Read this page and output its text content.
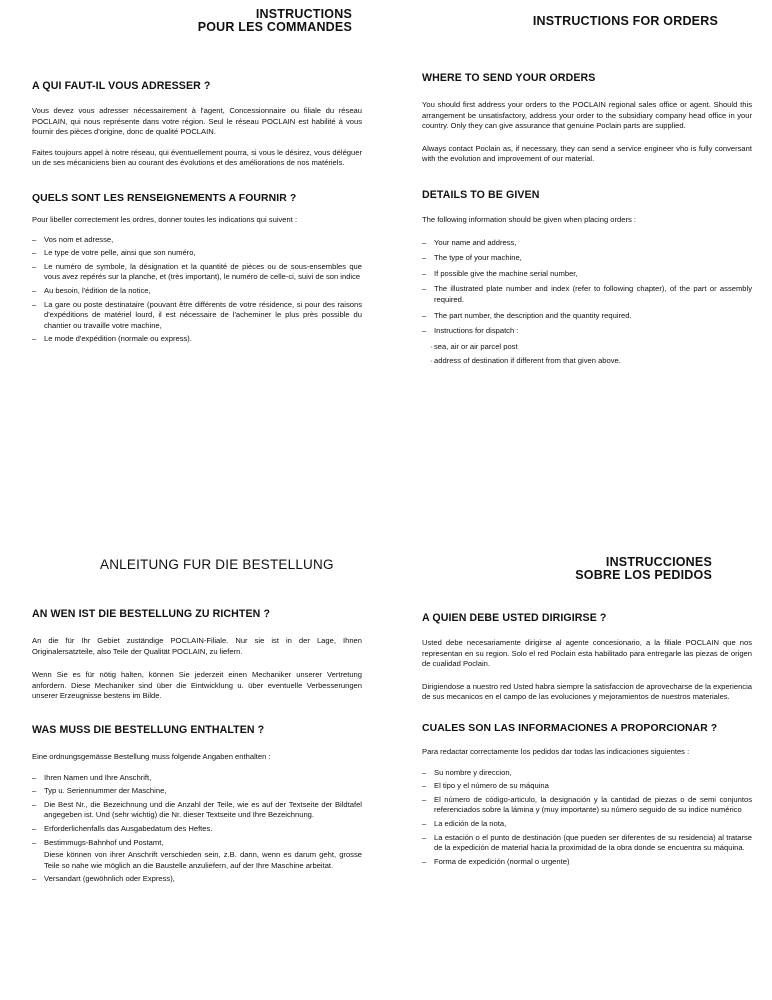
INSTRUCTIONS
POUR LES COMMANDES
A QUI FAUT-IL VOUS ADRESSER ?

Vous devez vous adresser nécessairement à l'agent, Concessionnaire ou filiale du réseau POCLAIN, qui nous représente dans votre région. Seul le réseau POCLAIN est habilité à vous fournir des pièces d'origine, donc de qualité POCLAIN.

Faites toujours appel à notre réseau, qui éventuellement pourra, si vous le désirez, vous déléguer un de ses mécaniciens bien au courant des évolutions et des améliorations de nos matériels.

QUELS SONT LES RENSEIGNEMENTS A FOURNIR ?

Pour libeller correctement les ordres, donner toutes les indications qui suivent :

– Vos nom et adresse,
– Le type de votre pelle, ainsi que son numéro,
– Le numéro de symbole, la désignation et la quantité de pièces ou de sous-ensembles que vous avez repérés sur la planche, et (très important), le numéro de celle-ci, suivi de son indice
– Au besoin, l'édition de la notice,
– La gare ou poste destinataire (pouvant être différents de votre résidence, si pour des raisons d'expéditions de matériel lourd, il est nécessaire de l'acheminer le plus près possible du chantier ou travaille votre machine,
– Le mode d'expédition (normale ou express).
INSTRUCTIONS FOR ORDERS
WHERE TO SEND YOUR ORDERS

You should first address your orders to the POCLAIN regional sales office or agent. Should this arrangement be unsatisfactory, address your order to the subsidiary company head office in your country. Only they can give assurance that genuine Poclain parts are supplied.

Always contact Poclain as, if necessary, they can send a service engineer vho is fully conversant with the evolution and improvement of our material.

DETAILS TO BE GIVEN

The following information should be given when placing orders :

– Your name and address,
– The type of your machine,
– If possible give the machine serial number,
– The illustrated plate number and index (refer to following chapter), of the part or assembly required.
– The part number, the description and the quantity required.
– Instructions for dispatch :
· sea, air or air parcel post
· address of destination if different from that given above.
ANLEITUNG FUR DIE BESTELLUNG
AN WEN IST DIE BESTELLUNG ZU RICHTEN ?

An die für Ihr Gebiet zuständige POCLAIN-Filiale. Nur sie ist in der Lage, Ihnen Originalersatzteile, also Teile der Qualität POCLAIN, zu liefern.

Wenn Sie es für nötig halten, können Sie jederzeit einen Mechaniker unserer Vertretung anfordern. Diese Mechaniker sind über die Eintwicklung u. über eventuelle Verbesserungen unserer Erzeugnisse bestens im Bilde.

WAS MUSS DIE BESTELLUNG ENTHALTEN ?

Eine ordnungsgemässe Bestellung muss folgende Angaben enthalten :

– Ihren Namen und Ihre Anschrift,
– Typ u. Seriennummer der Maschine,
– Die Best Nr., die Bezeichnung und die Anzahl der Teile, wie es auf der Textseite der Bildtafel angegeben ist. Und (sehr wichtig) die Nr. dieser Textseite und Ihre Bezeichnung.
– Erforderlichenfalls das Ausgabedatum des Heftes.
– Bestimmugs-Bahnhof und Postamt,
Diese können von ihrer Anschrift verschieden sein, z.B. dann, wenn es darum geht, grosse Teile so nahe wie möglich an die Baustelle anzuliefern, auf der Ihre Maschine arbeitat.
– Versandart (gewöhnlich oder Express),
INSTRUCCIONES
SOBRE LOS PEDIDOS
A QUIEN DEBE USTED DIRIGIRSE ?

Usted debe necesariamente dirigirse al agente concesionario, a la filiale POCLAIN que nos representan en su region. Solo el red Poclain esta habilitado para entregarle las piezas de origen de cualidad Poclain.

Dirigiendose a nuestro red Usted habra siempre la satisfaccion de aprovecharse de la experiencia de sus mecanicos en el campo de las evoluciones y mejoramientos de nuestros materiales.

CUALES SON LAS INFORMACIONES A PROPORCIONAR ?

Para redactar correctamente los pedidos dar todas las indicaciones siguientes :

– Su nombre y direccion,
– El tipo y el número de su máquina
– El número de código-articulo, la designación y la cantidad de piezas o de semi conjuntos referenciados sobre la lámina y (muy importante) su número seguido de su indice numérico
– La edición de la nota,
– La estación o el punto de destinación (que pueden ser diferentes de su residencia) al tratarse de la expedición de material hacia la proximidad de la obra donde se encuentra su máquina.
– Forma de expedición (normal o urgente)
